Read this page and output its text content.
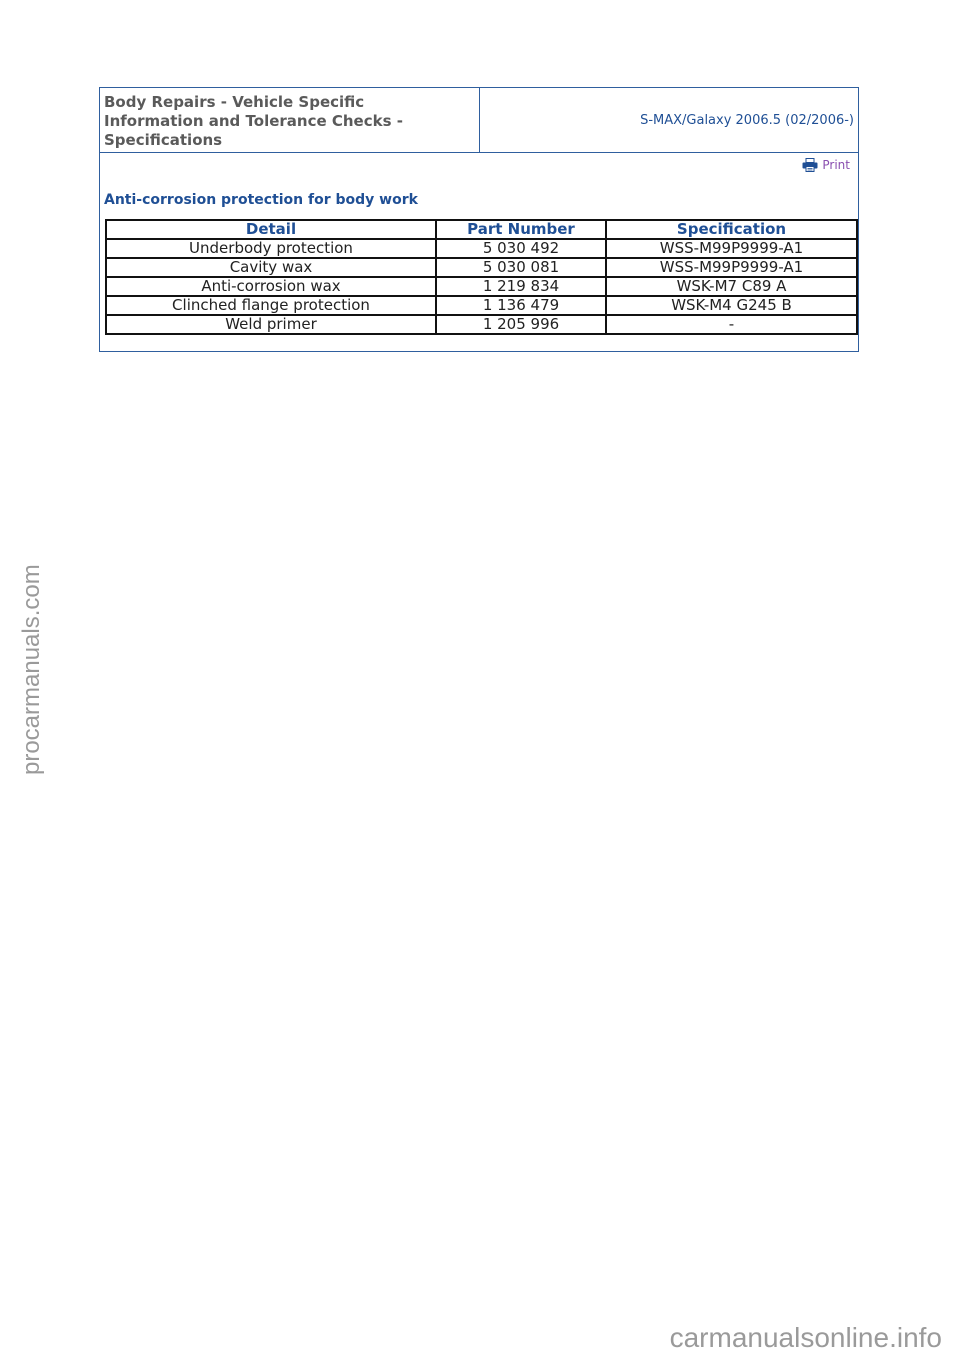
Body Repairs - Vehicle Specific
Information and Tolerance Checks -
Specifications
S-MAX/Galaxy 2006.5 (02/2006-)
Print
Anti-corrosion protection for body work
Detail	Part Number	Specification
Underbody protection	5 030 492	WSS-M99P9999-A1
Cavity wax	5 030 081	WSS-M99P9999-A1
Anti-corrosion wax	1 219 834	WSK-M7 C89 A
Clinched flange protection	1 136 479	WSK-M4 G245 B
Weld primer	1 205 996	-
procarmanuals.com
carmanualsonline.info
